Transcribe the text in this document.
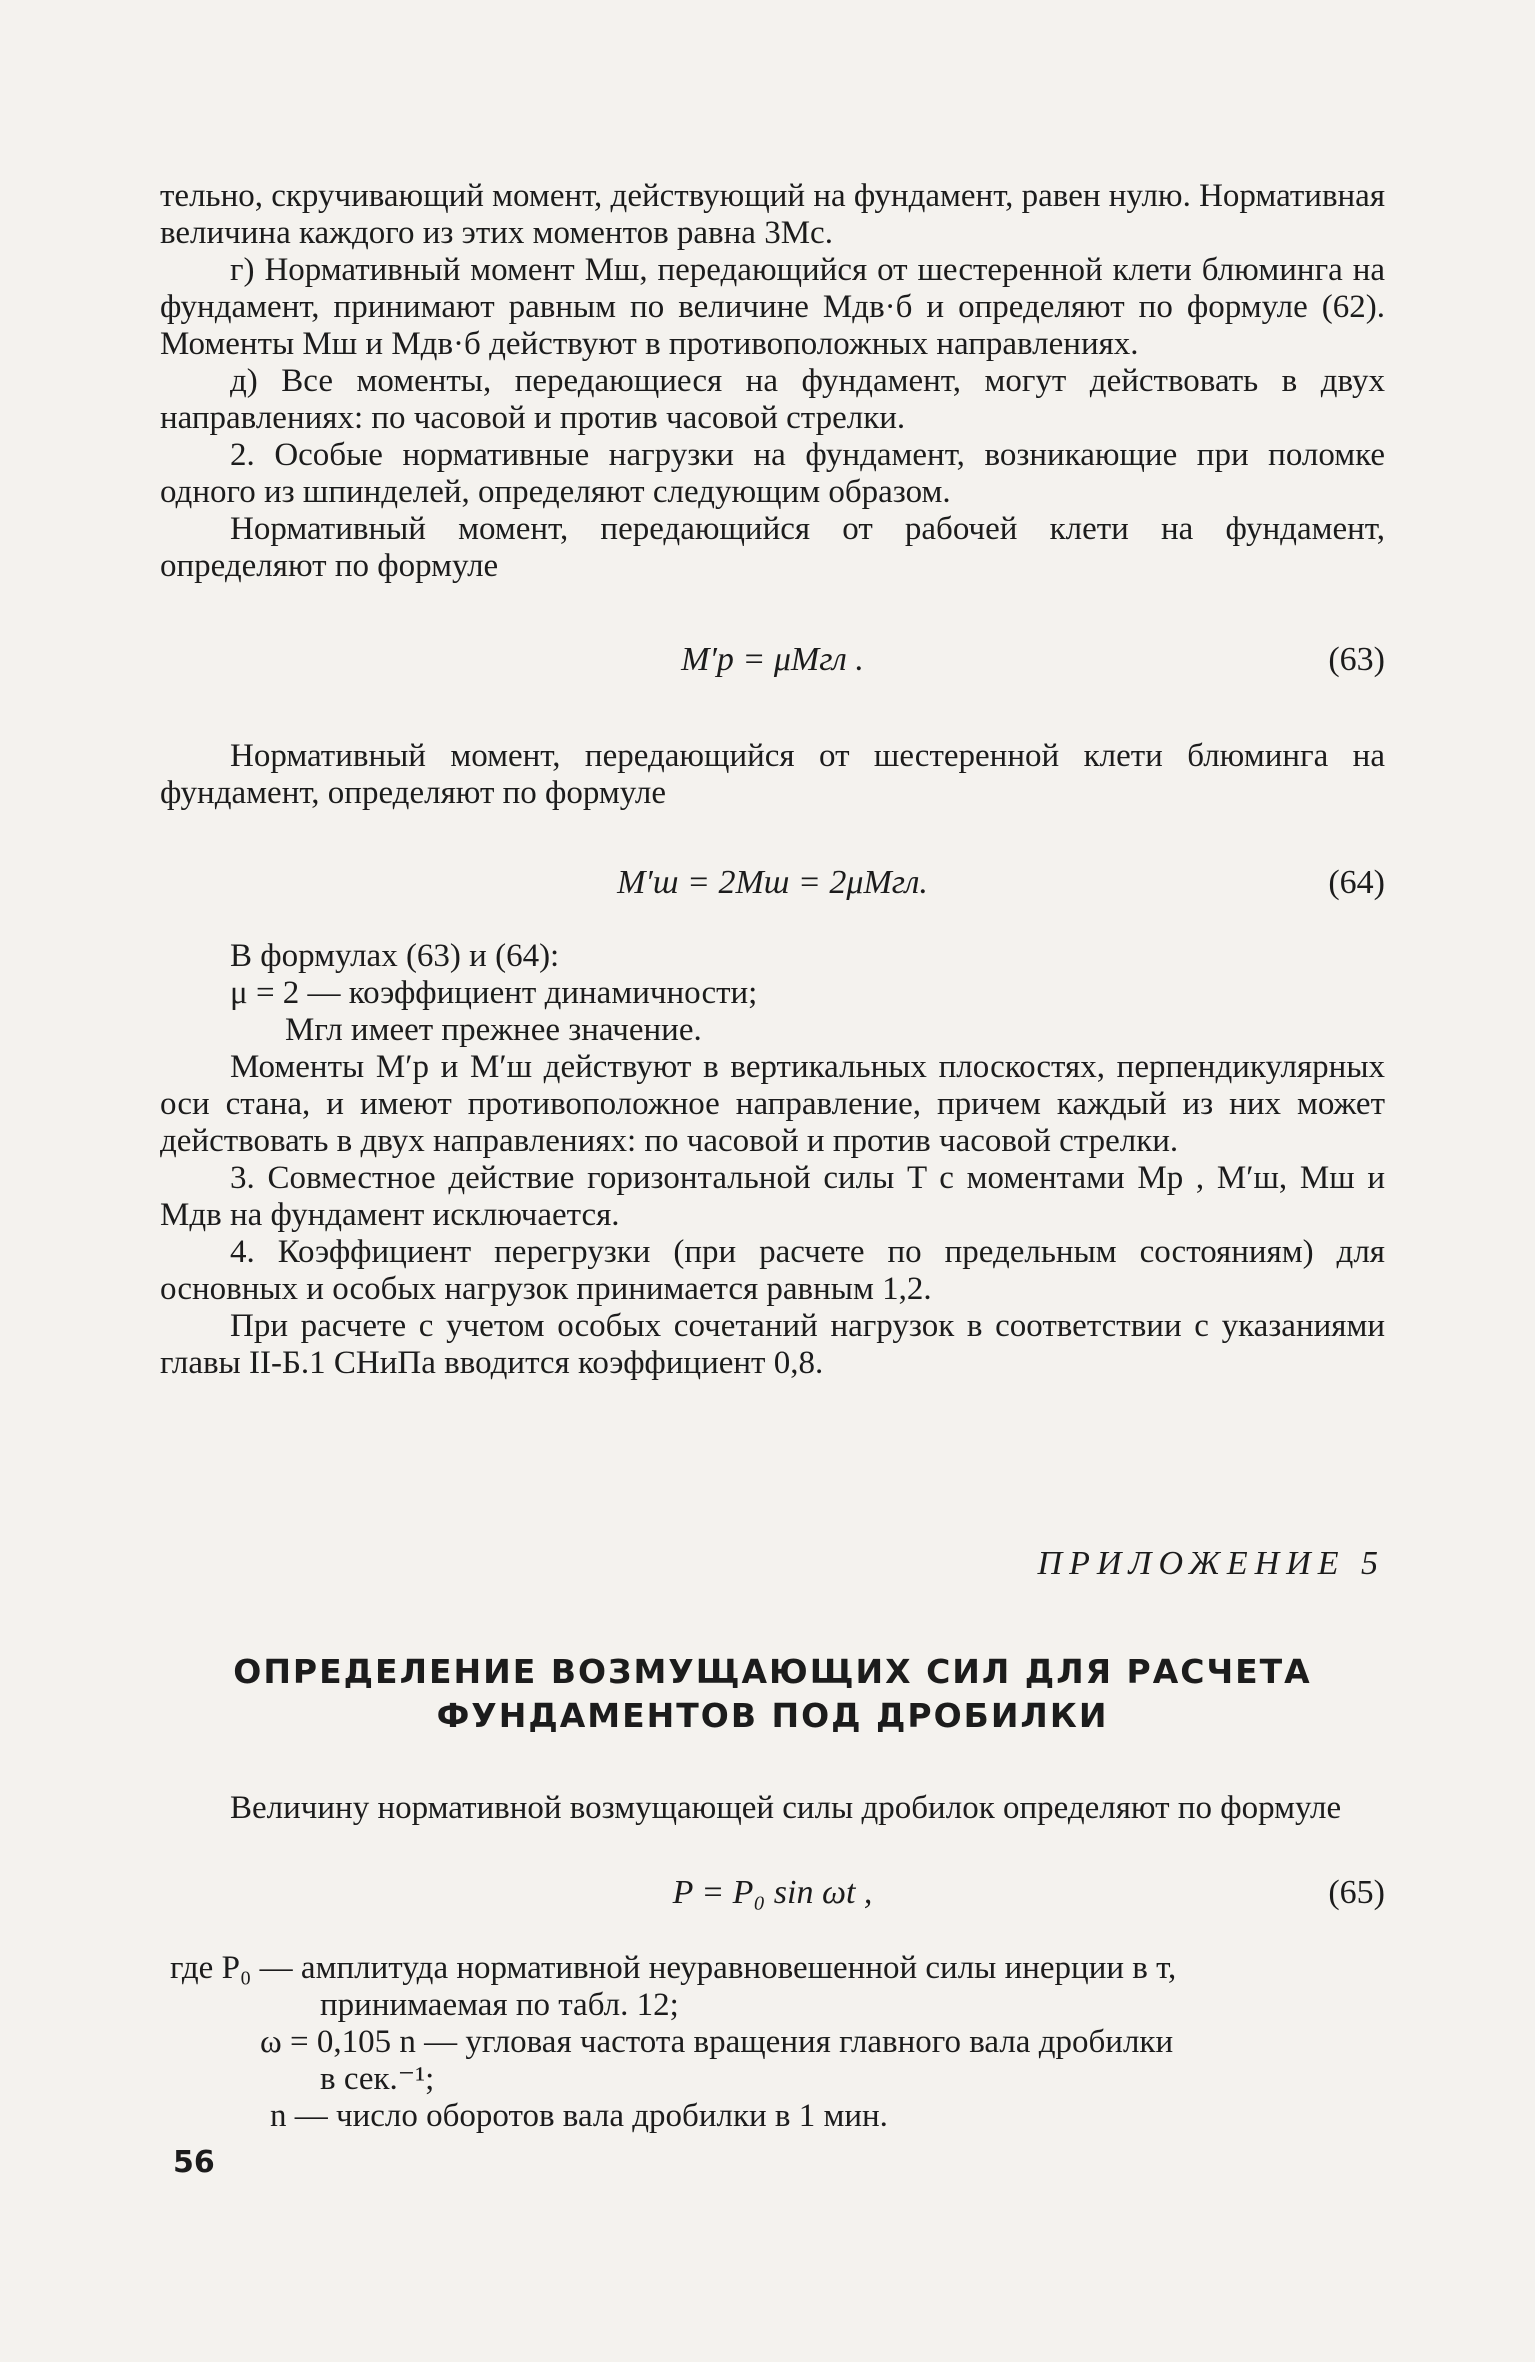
тельно, скручивающий момент, действующий на фундамент, равен нулю. Нормативная величина каждого из этих моментов равна 3Mс.

г) Нормативный момент Mш, передающийся от шестеренной клети блюминга на фундамент, принимают равным по величине Mдв·б и определяют по формуле (62). Моменты Mш и Mдв·б действуют в противоположных направлениях.

д) Все моменты, передающиеся на фундамент, могут действовать в двух направлениях: по часовой и против часовой стрелки.

2. Особые нормативные нагрузки на фундамент, возникающие при поломке одного из шпинделей, определяют следующим образом.

Нормативный момент, передающийся от рабочей клети на фундамент, определяют по формуле

M′р = μMгл .	(63)

Нормативный момент, передающийся от шестеренной клети блюминга на фундамент, определяют по формуле

M′ш = 2Mш = 2μMгл.	(64)

В формулах (63) и (64):

μ = 2 — коэффициент динамичности;

Mгл имеет прежнее значение.

Моменты M′р и M′ш действуют в вертикальных плоскостях, перпендикулярных оси стана, и имеют противоположное направление, причем каждый из них может действовать в двух направлениях: по часовой и против часовой стрелки.

3. Совместное действие горизонтальной силы T с моментами Mр , M′ш, Mш и Mдв на фундамент исключается.

4. Коэффициент перегрузки (при расчете по предельным состояниям) для основных и особых нагрузок принимается равным 1,2.

При расчете с учетом особых сочетаний нагрузок в соответствии с указаниями главы II-Б.1 СНиПа вводится коэффициент 0,8.

ПРИЛОЖЕНИЕ 5

ОПРЕДЕЛЕНИЕ ВОЗМУЩАЮЩИХ СИЛ ДЛЯ РАСЧЕТА

ФУНДАМЕНТОВ ПОД ДРОБИЛКИ

Величину нормативной возмущающей силы дробилок определяют по формуле

P = P₀ sin ωt ,	(65)

где P₀ — амплитуда нормативной неуравновешенной силы инерции в т,

принимаемая по табл. 12;

ω = 0,105 n — угловая частота вращения главного вала дробилки

в сек.⁻¹;

n — число оборотов вала дробилки в 1 мин.

56
